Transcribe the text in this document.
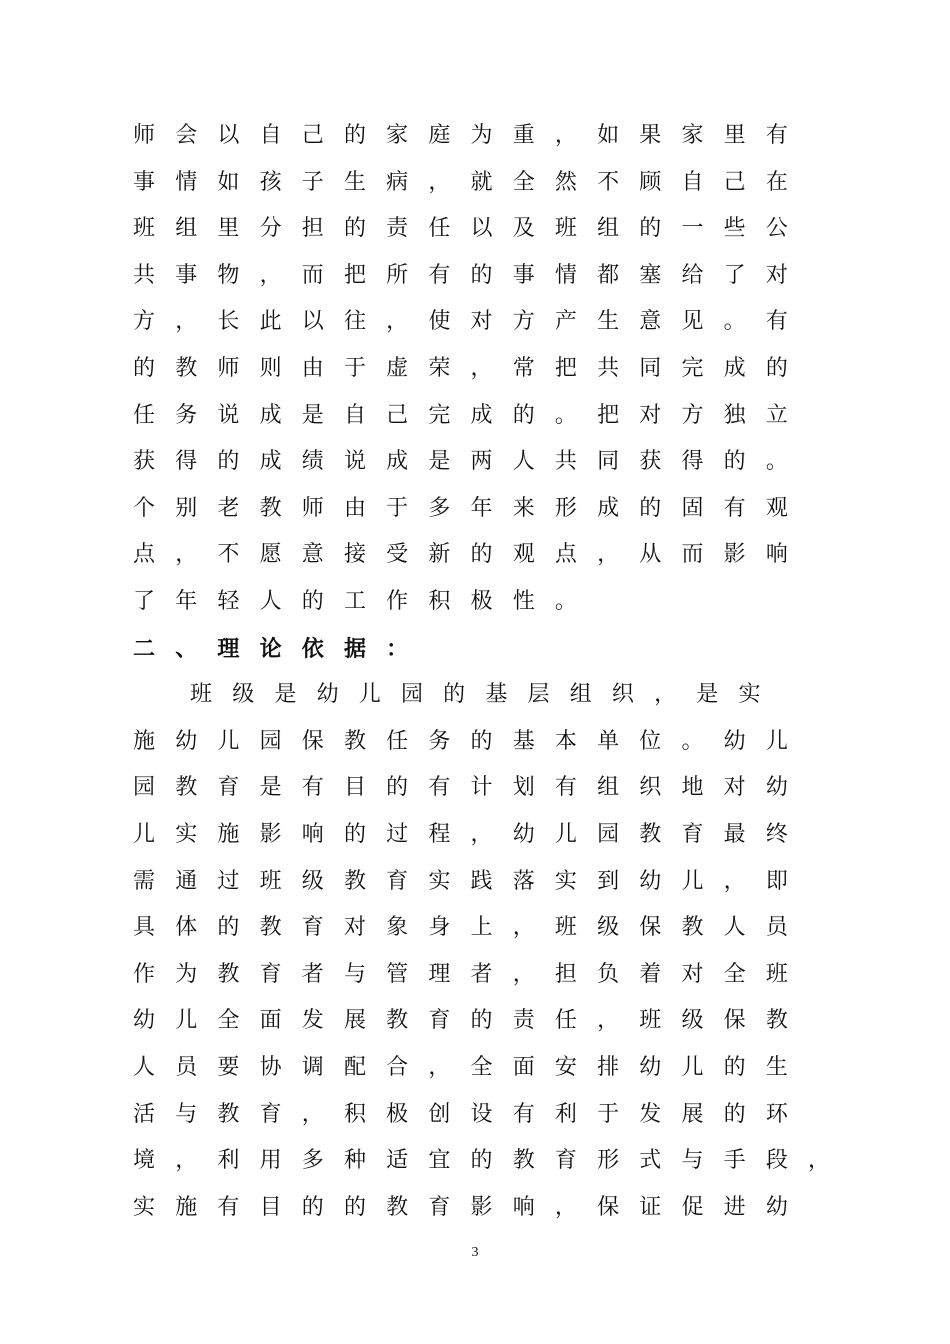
师 会 以 自 己 的 家 庭 为 重 ， 如 果 家 里 有
事 情 如 孩 子 生 病 ， 就 全 然 不 顾 自 己 在
班 组 里 分 担 的 责 任 以 及 班 组 的 一 些 公
共 事 物 ， 而 把 所 有 的 事 情 都 塞 给 了 对
方 ， 长 此 以 往 ， 使 对 方 产 生 意 见 。 有
的 教 师 则 由 于 虚 荣 ， 常 把 共 同 完 成 的
任 务 说 成 是 自 己 完 成 的 。 把 对 方 独 立
获 得 的 成 绩 说 成 是 两 人 共 同 获 得 的 。
个 别 老 教 师 由 于 多 年 来 形 成 的 固 有 观
点 ， 不 愿 意 接 受 新 的 观 点 ， 从 而 影 响
了 年 轻 人 的 工 作 积 极 性 。
二 、 理 论 依 据 ：
班 级 是 幼 儿 园 的 基 层 组 织 ， 是 实
施 幼 儿 园 保 教 任 务 的 基 本 单 位 。 幼 儿
园 教 育 是 有 目 的 有 计 划 有 组 织 地 对 幼
儿 实 施 影 响 的 过 程 ， 幼 儿 园 教 育 最 终
需 通 过 班 级 教 育 实 践 落 实 到 幼 儿 ， 即
具 体 的 教 育 对 象 身 上 ， 班 级 保 教 人 员
作 为 教 育 者 与 管 理 者 ， 担 负 着 对 全 班
幼 儿 全 面 发 展 教 育 的 责 任 ， 班 级 保 教
人 员 要 协 调 配 合 ， 全 面 安 排 幼 儿 的 生
活 与 教 育 ， 积 极 创 设 有 利 于 发 展 的 环
境 ， 利 用 多 种 适 宜 的 教 育 形 式 与 手 段 ，
实 施 有 目 的 的 教 育 影 响 ， 保 证 促 进 幼
3
